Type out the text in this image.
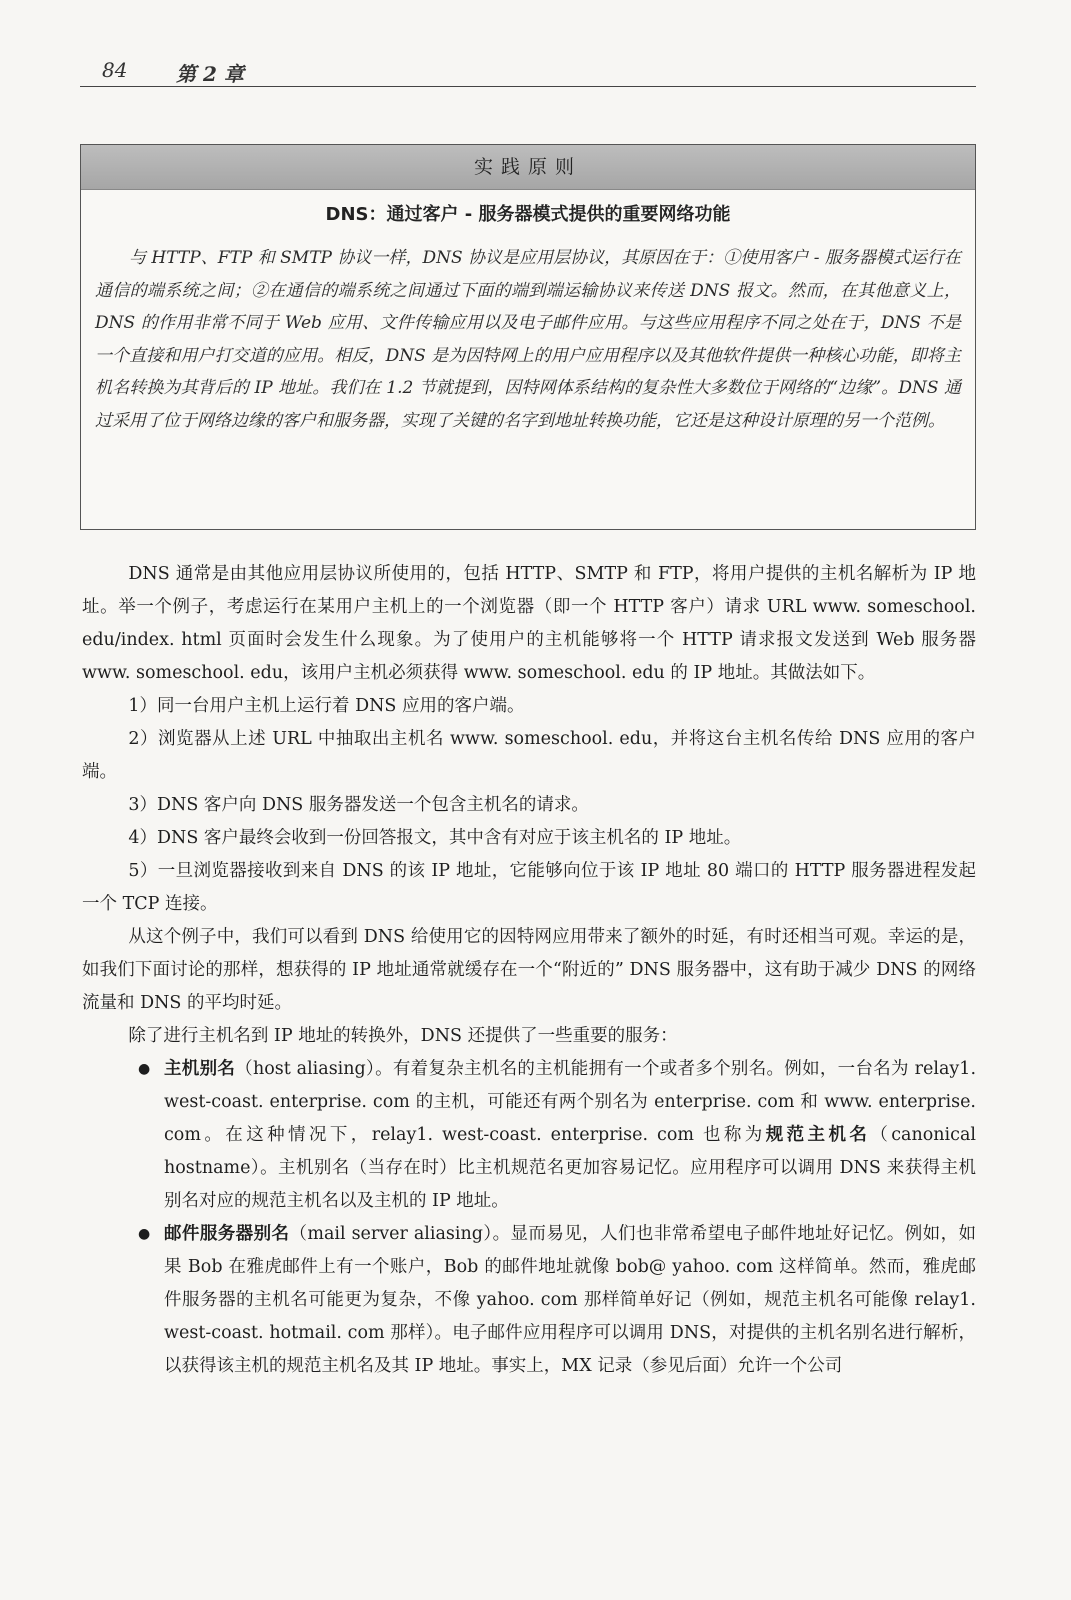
84 第 2 章
实践原则
DNS：通过客户 - 服务器模式提供的重要网络功能
与 HTTP、FTP 和 SMTP 协议一样，DNS 协议是应用层协议，其原因在于：①使用客户 - 服务器模式运行在通信的端系统之间；②在通信的端系统之间通过下面的端到端运输协议来传送 DNS 报文。然而，在其他意义上，DNS 的作用非常不同于 Web 应用、文件传输应用以及电子邮件应用。与这些应用程序不同之处在于，DNS 不是一个直接和用户打交道的应用。相反，DNS 是为因特网上的用户应用程序以及其他软件提供一种核心功能，即将主机名转换为其背后的 IP 地址。我们在 1.2 节就提到，因特网体系结构的复杂性大多数位于网络的“边缘”。DNS 通过采用了位于网络边缘的客户和服务器，实现了关键的名字到地址转换功能，它还是这种设计原理的另一个范例。

DNS 通常是由其他应用层协议所使用的，包括 HTTP、SMTP 和 FTP，将用户提供的主机名解析为 IP 地址。举一个例子，考虑运行在某用户主机上的一个浏览器（即一个 HTTP 客户）请求 URL www. someschool. edu/index. html 页面时会发生什么现象。为了使用户的主机能够将一个 HTTP 请求报文发送到 Web 服务器 www. someschool. edu，该用户主机必须获得 www. someschool. edu 的 IP 地址。其做法如下。

1）同一台用户主机上运行着 DNS 应用的客户端。

2）浏览器从上述 URL 中抽取出主机名 www. someschool. edu，并将这台主机名传给 DNS 应用的客户端。

3）DNS 客户向 DNS 服务器发送一个包含主机名的请求。

4）DNS 客户最终会收到一份回答报文，其中含有对应于该主机名的 IP 地址。

5）一旦浏览器接收到来自 DNS 的该 IP 地址，它能够向位于该 IP 地址 80 端口的 HTTP 服务器进程发起一个 TCP 连接。

从这个例子中，我们可以看到 DNS 给使用它的因特网应用带来了额外的时延，有时还相当可观。幸运的是，如我们下面讨论的那样，想获得的 IP 地址通常就缓存在一个“附近的” DNS 服务器中，这有助于减少 DNS 的网络流量和 DNS 的平均时延。

除了进行主机名到 IP 地址的转换外，DNS 还提供了一些重要的服务：

● 主机别名（host aliasing）。有着复杂主机名的主机能拥有一个或者多个别名。例如，一台名为 relay1. west-coast. enterprise. com 的主机，可能还有两个别名为 enterprise. com 和 www. enterprise. com。在这种情况下，relay1. west-coast. enterprise. com 也称为规范主机名（canonical hostname）。主机别名（当存在时）比主机规范名更加容易记忆。应用程序可以调用 DNS 来获得主机别名对应的规范主机名以及主机的 IP 地址。
● 邮件服务器别名（mail server aliasing）。显而易见，人们也非常希望电子邮件地址好记忆。例如，如果 Bob 在雅虎邮件上有一个账户，Bob 的邮件地址就像 bob@ yahoo. com 这样简单。然而，雅虎邮件服务器的主机名可能更为复杂，不像 yahoo. com 那样简单好记（例如，规范主机名可能像 relay1. west-coast. hotmail. com 那样）。电子邮件应用程序可以调用 DNS，对提供的主机名别名进行解析，以获得该主机的规范主机名及其 IP 地址。事实上，MX 记录（参见后面）允许一个公司
